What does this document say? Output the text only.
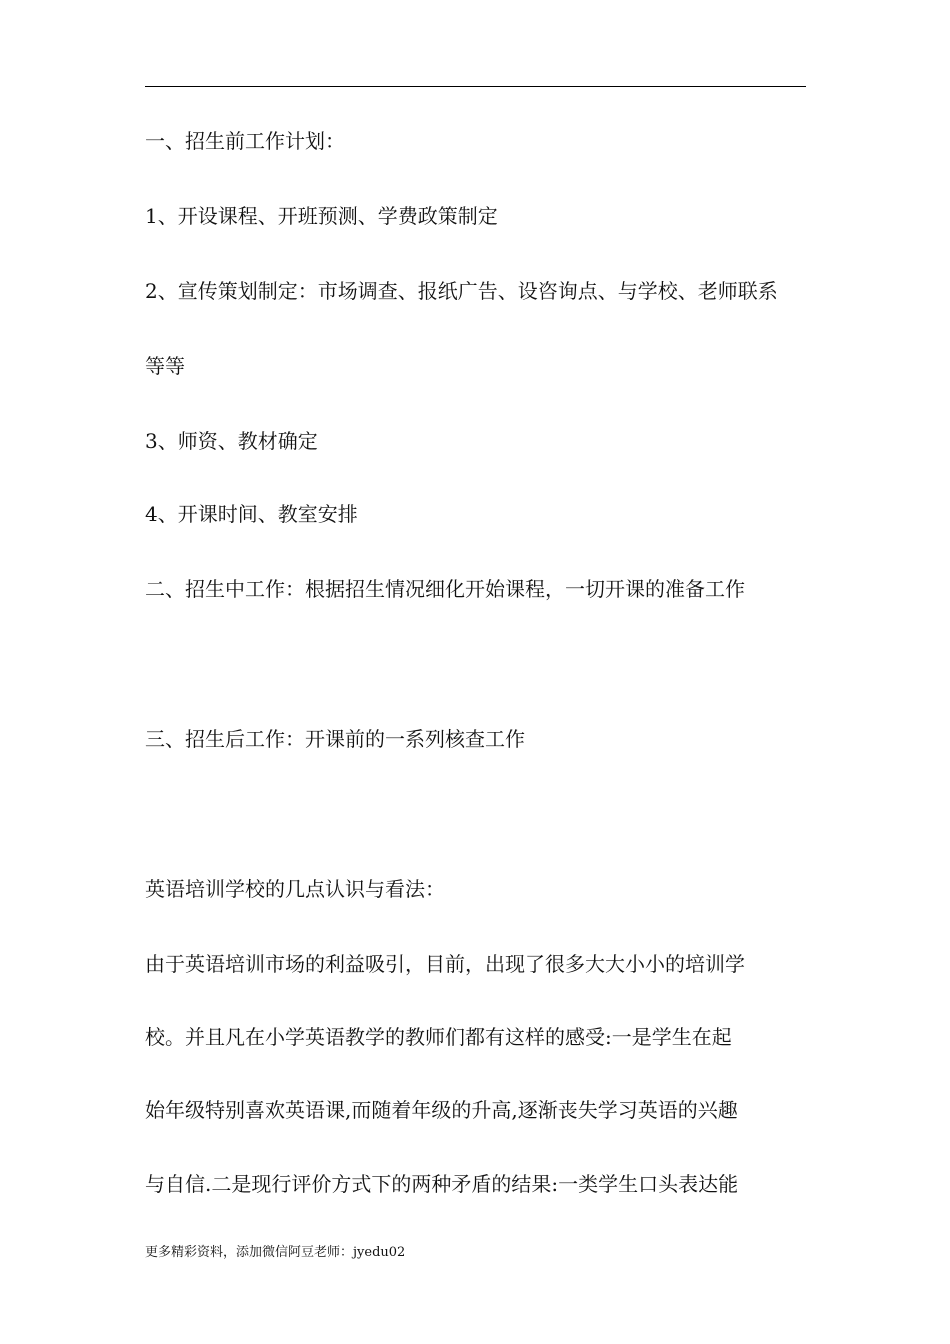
一、招生前工作计划：
1、开设课程、开班预测、学费政策制定
2、宣传策划制定：市场调查、报纸广告、设咨询点、与学校、老师联系
等等
3、师资、教材确定
4、开课时间、教室安排
二、招生中工作：根据招生情况细化开始课程，一切开课的准备工作
三、招生后工作：开课前的一系列核查工作
英语培训学校的几点认识与看法：
由于英语培训市场的利益吸引，目前，出现了很多大大小小的培训学
校。并且凡在小学英语教学的教师们都有这样的感受:一是学生在起
始年级特别喜欢英语课,而随着年级的升高,逐渐丧失学习英语的兴趣
与自信.二是现行评价方式下的两种矛盾的结果:一类学生口头表达能
更多精彩资料，添加微信阿豆老师：jyedu02
